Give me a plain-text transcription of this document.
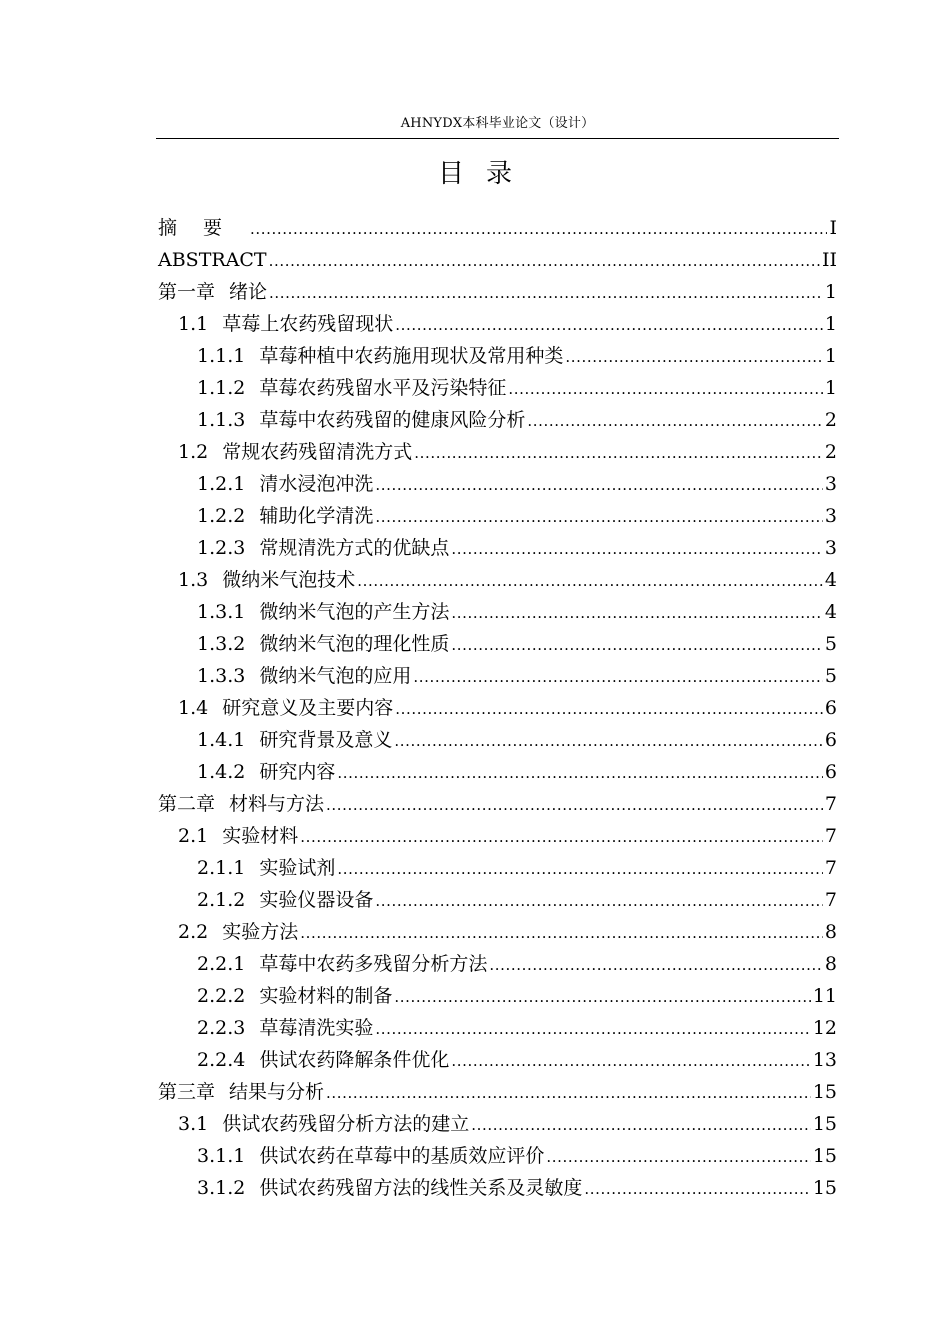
AHNYDX本科毕业论文（设计）
目录
摘要 .....	I
ABSTRACT .....	II
第一章 绪论 .....	1
1.1 草莓上农药残留现状 .....	1
1.1.1 草莓种植中农药施用现状及常用种类 .....	1
1.1.2 草莓农药残留水平及污染特征 .....	1
1.1.3 草莓中农药残留的健康风险分析 .....	2
1.2 常规农药残留清洗方式 .....	2
1.2.1 清水浸泡冲洗 .....	3
1.2.2 辅助化学清洗 .....	3
1.2.3 常规清洗方式的优缺点 .....	3
1.3 微纳米气泡技术 .....	4
1.3.1 微纳米气泡的产生方法 .....	4
1.3.2 微纳米气泡的理化性质 .....	5
1.3.3 微纳米气泡的应用 .....	5
1.4 研究意义及主要内容 .....	6
1.4.1 研究背景及意义 .....	6
1.4.2 研究内容 .....	6
第二章 材料与方法 .....	7
2.1 实验材料 .....	7
2.1.1 实验试剂 .....	7
2.1.2 实验仪器设备 .....	7
2.2 实验方法 .....	8
2.2.1 草莓中农药多残留分析方法 .....	8
2.2.2 实验材料的制备 .....	11
2.2.3 草莓清洗实验 .....	12
2.2.4 供试农药降解条件优化 .....	13
第三章 结果与分析 .....	15
3.1 供试农药残留分析方法的建立 .....	15
3.1.1 供试农药在草莓中的基质效应评价 .....	15
3.1.2 供试农药残留方法的线性关系及灵敏度 .....	15
